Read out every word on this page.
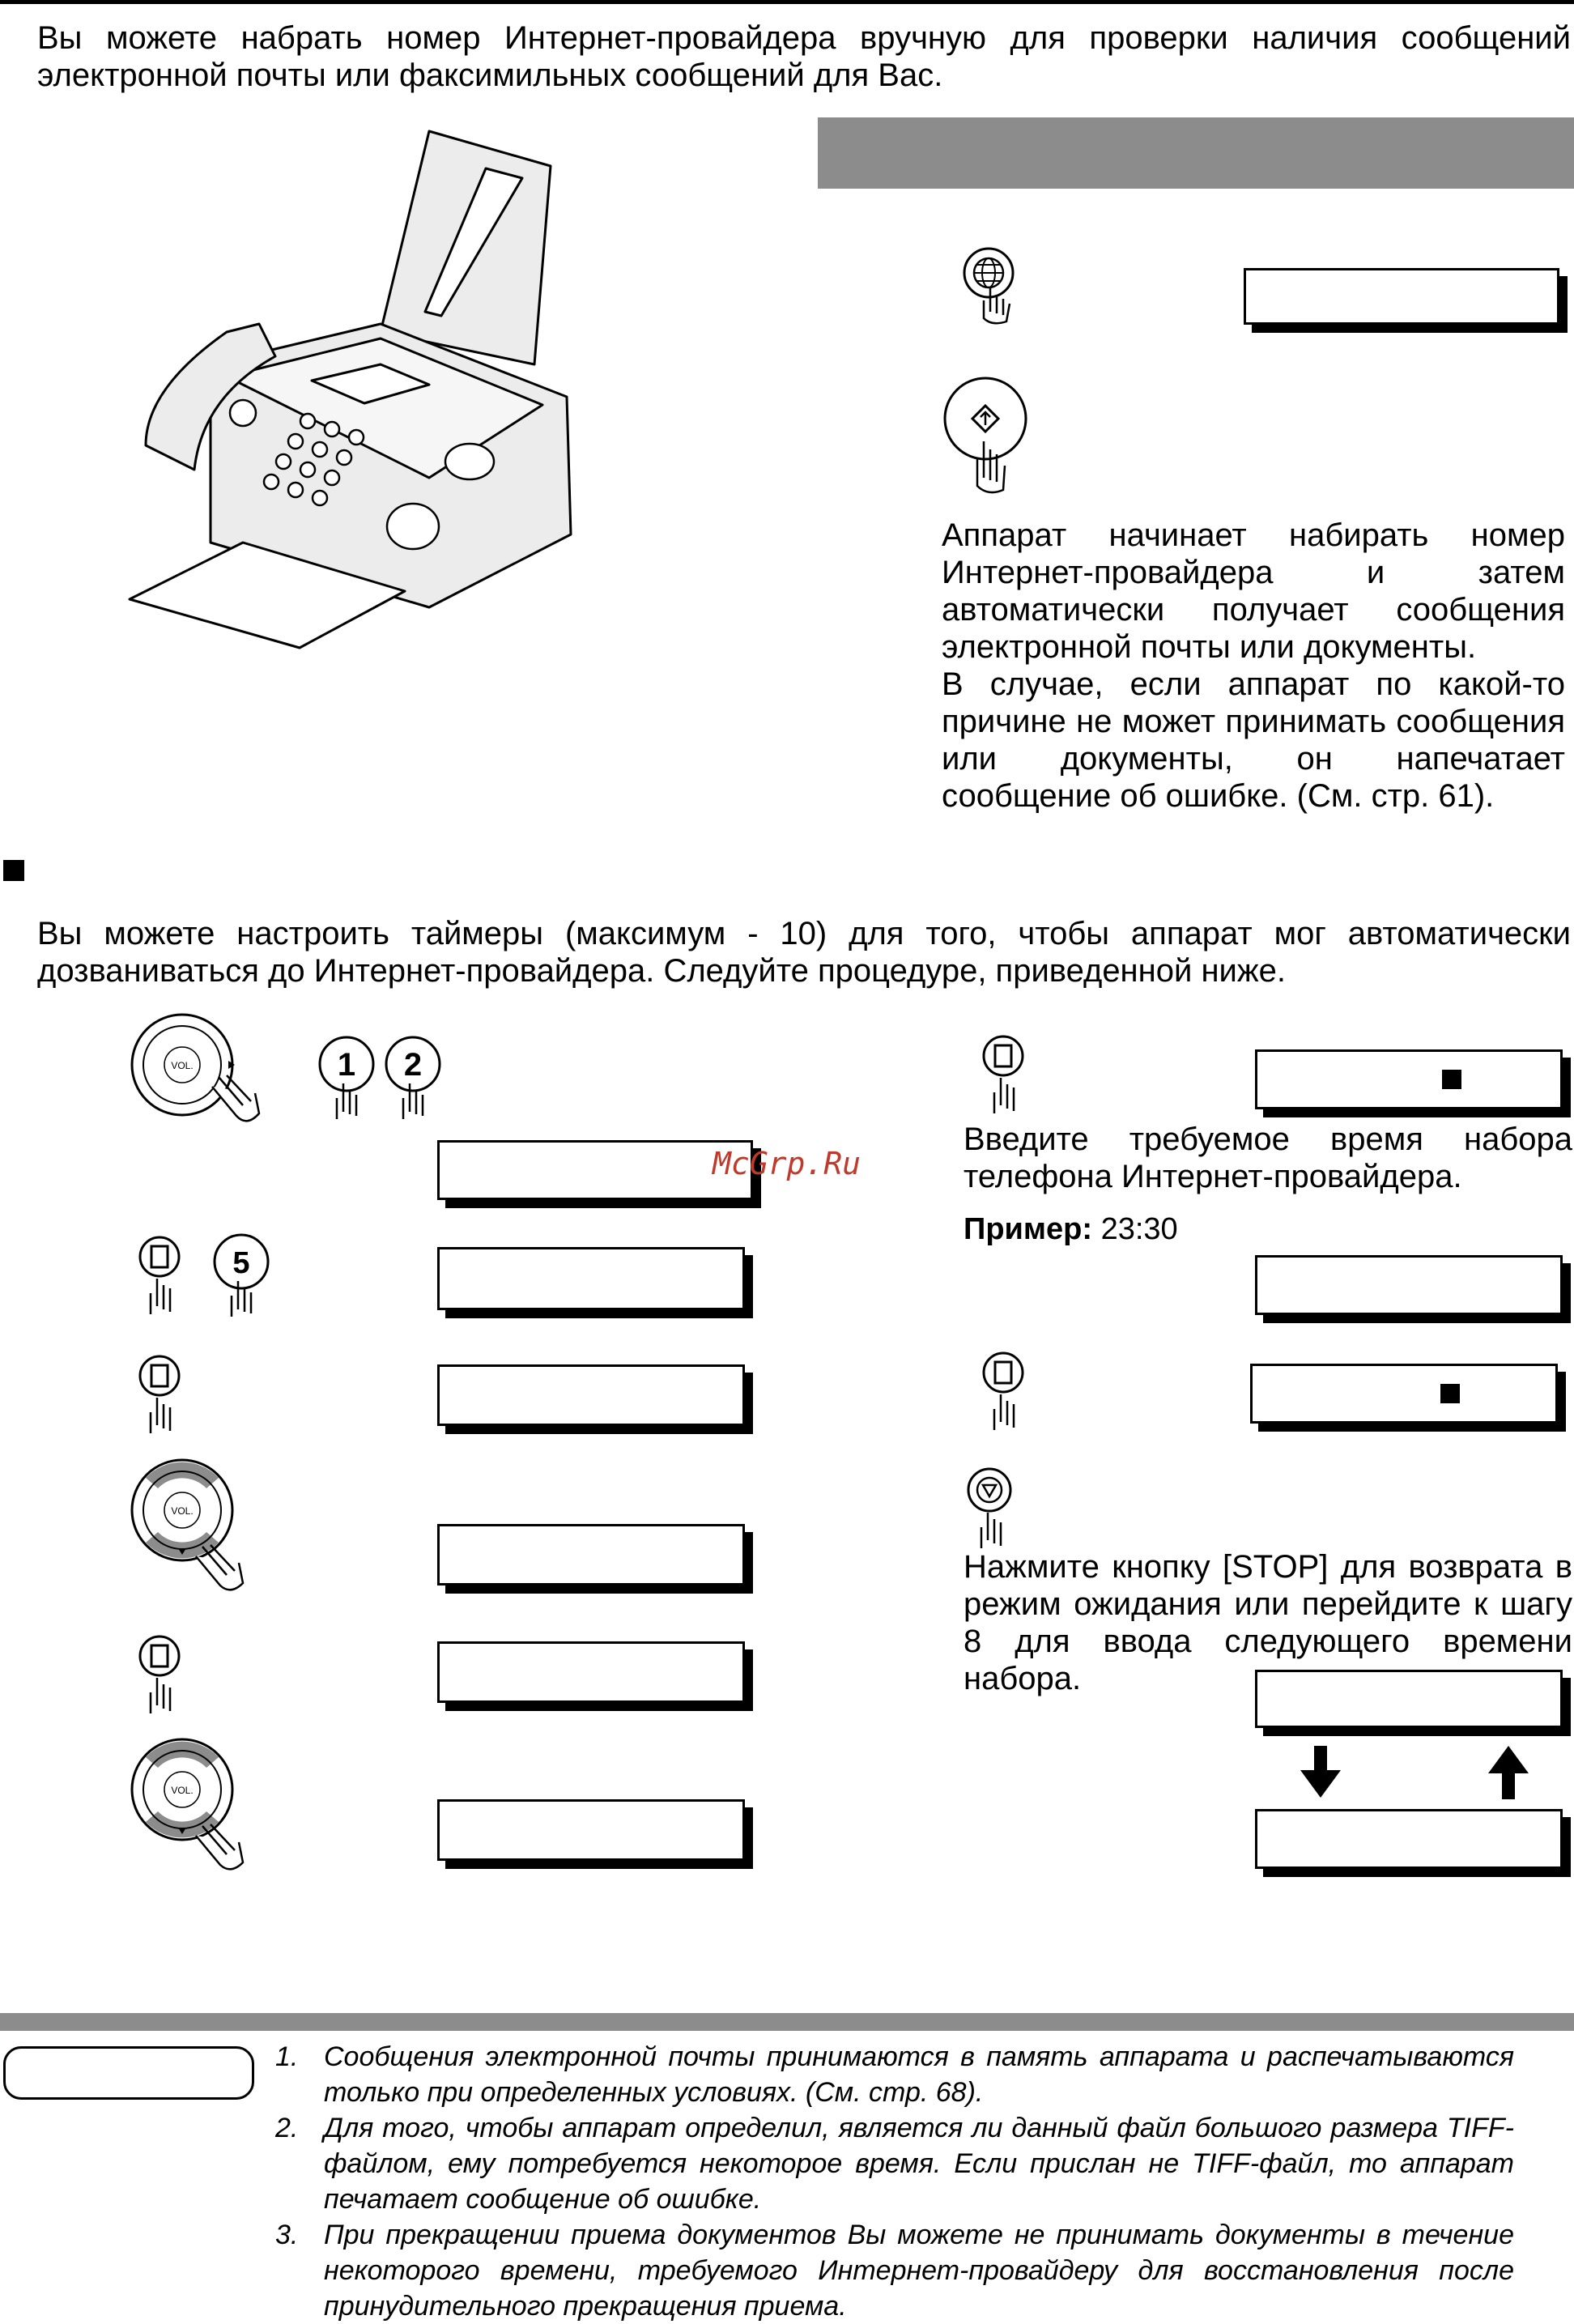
Вы можете набрать номер Интернет-провайдера вручную для проверки наличия сообщений электронной почты или факсимильных сообщений для Вас.
Аппарат начинает набирать номер Интернет-провайдера и затем автоматически получает сообщения электронной почты или документы.
В случае, если аппарат по какой-то причине не может принимать сообщения или документы, он напечатает сообщение об ошибке. (См. стр. 61).
Вы можете настроить таймеры (максимум - 10) для того, чтобы аппарат мог автоматически дозваниваться до Интернет-провайдера. Следуйте процедуре, приведенной ниже.
VOL.	1 2
5
VOL.
VOL.
McGrp.Ru
Введите требуемое время набора телефона Интернет-провайдера.
Пример: 23:30
Нажмите кнопку [STOP] для возврата в режим ожидания или перейдите к шагу 8 для ввода следующего времени набора.
1. Сообщения электронной почты принимаются в память аппарата и распечатываются только при определенных условиях. (См. стр. 68).
2. Для того, чтобы аппарат определил, является ли данный файл большого размера TIFF-файлом, ему потребуется некоторое время. Если прислан не TIFF-файл, то аппарат печатает сообщение об ошибке.
3. При прекращении приема документов Вы можете не принимать документы в течение некоторого времени, требуемого Интернет-провайдеру для восстановления после принудительного прекращения приема.
